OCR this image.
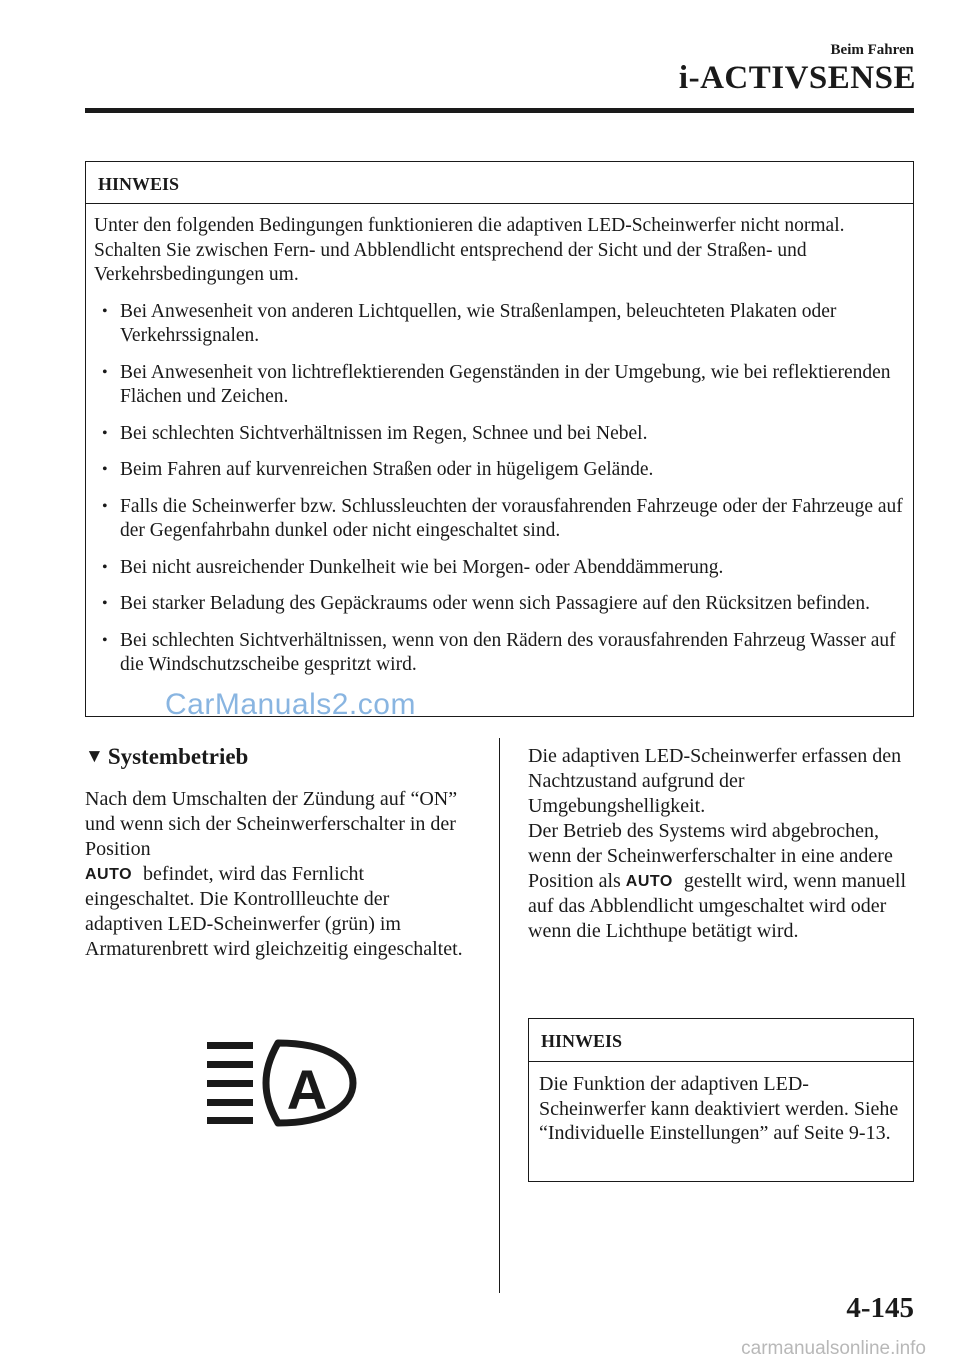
Beim Fahren
i-ACTIVSENSE
HINWEIS

Unter den folgenden Bedingungen funktionieren die adaptiven LED-Scheinwerfer nicht normal. Schalten Sie zwischen Fern- und Abblendlicht entsprechend der Sicht und der Straßen- und Verkehrsbedingungen um.

• Bei Anwesenheit von anderen Lichtquellen, wie Straßenlampen, beleuchteten Plakaten oder Verkehrssignalen.
• Bei Anwesenheit von lichtreflektierenden Gegenständen in der Umgebung, wie bei reflektierenden Flächen und Zeichen.
• Bei schlechten Sichtverhältnissen im Regen, Schnee und bei Nebel.
• Beim Fahren auf kurvenreichen Straßen oder in hügeligem Gelände.
• Falls die Scheinwerfer bzw. Schlussleuchten der vorausfahrenden Fahrzeuge oder der Fahrzeuge auf der Gegenfahrbahn dunkel oder nicht eingeschaltet sind.
• Bei nicht ausreichender Dunkelheit wie bei Morgen- oder Abenddämmerung.
• Bei starker Beladung des Gepäckraums oder wenn sich Passagiere auf den Rücksitzen befinden.
• Bei schlechten Sichtverhältnissen, wenn von den Rädern des vorausfahrenden Fahrzeug Wasser auf die Windschutzscheibe gespritzt wird.
CarManuals2.com
▼ Systembetrieb
Nach dem Umschalten der Zündung auf “ON” und wenn sich der Scheinwerferschalter in der Position
AUTO befindet, wird das Fernlicht eingeschaltet. Die Kontrollleuchte der adaptiven LED-Scheinwerfer (grün) im Armaturenbrett wird gleichzeitig eingeschaltet.
A
Die adaptiven LED-Scheinwerfer erfassen den Nachtzustand aufgrund der Umgebungshelligkeit.
Der Betrieb des Systems wird abgebrochen, wenn der Scheinwerferschalter in eine andere Position als AUTO gestellt wird, wenn manuell auf das Abblendlicht umgeschaltet wird oder wenn die Lichthupe betätigt wird.
HINWEIS
Die Funktion der adaptiven LED-Scheinwerfer kann deaktiviert werden. Siehe “Individuelle Einstellungen” auf Seite 9-13.
4-145
carmanualsonline.info
